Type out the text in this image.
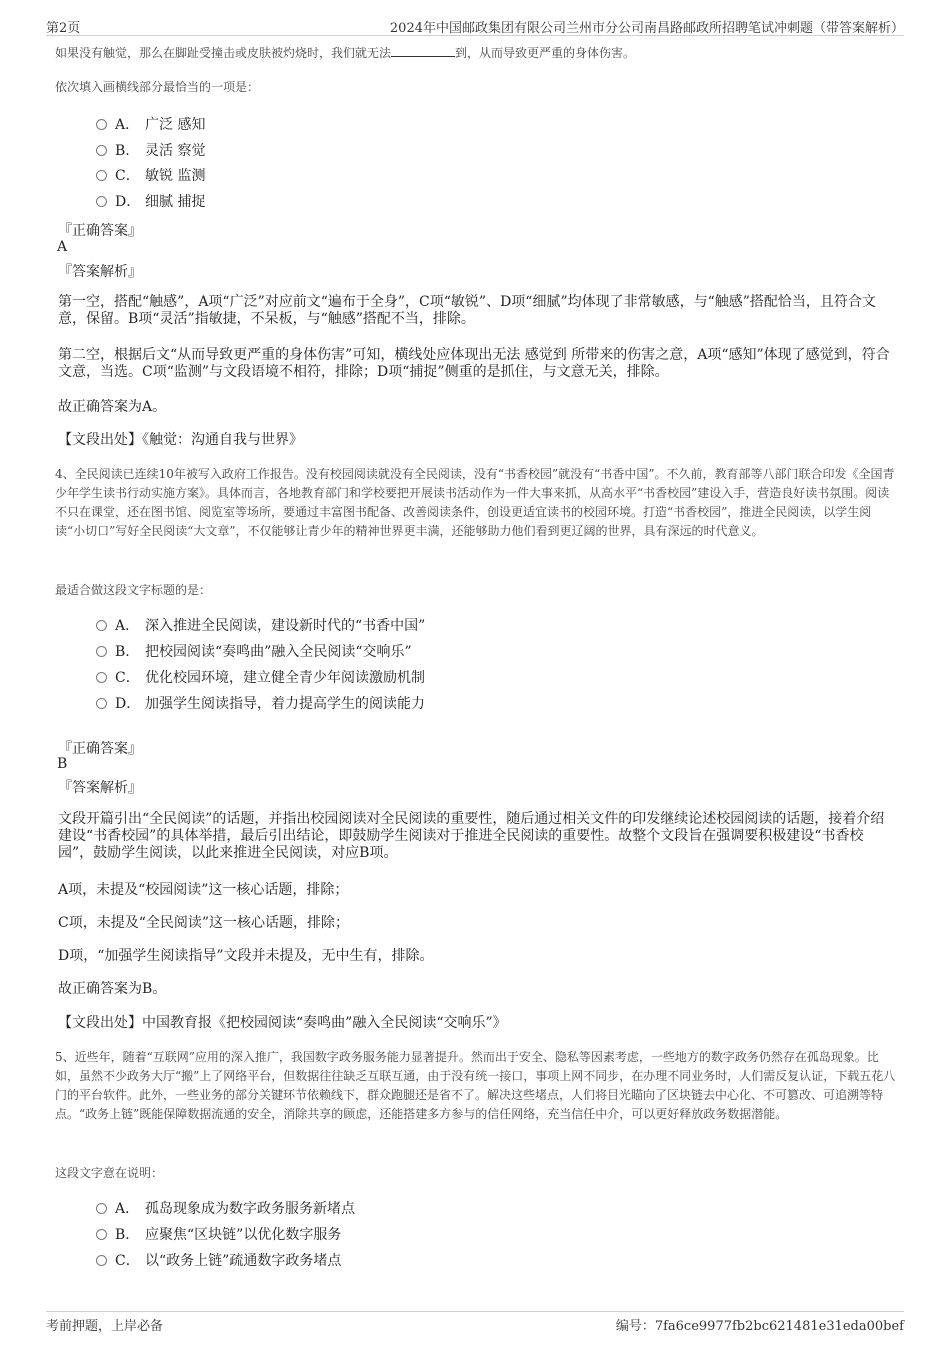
第2页	2024年中国邮政集团有限公司兰州市分公司南昌路邮政所招聘笔试冲刺题（带答案解析）
如果没有触觉，那么在脚趾受撞击或皮肤被灼烧时，我们就无法	到，从而导致更严重的身体伤害。
依次填入画横线部分最恰当的一项是：
A． 广泛 感知
B. 灵活 察觉
C． 敏锐 监测
D． 细腻 捕捉
『正确答案』
A
『答案解析』
第一空，搭配“触感”，A项“广泛”对应前文“遍布于全身”，C项“敏锐”、D项“细腻”均体现了非常敏感，与“触感”搭配恰当，且符合文意，保留。B项“灵活”指敏捷，不呆板，与“触感”搭配不当，排除。
第二空，根据后文“从而导致更严重的身体伤害”可知，横线处应体现出无法 感觉到 所带来的伤害之意，A项“感知”体现了感觉到，符合文意，当选。C项“监测”与文段语境不相符，排除；D项“捕捉”侧重的是抓住，与文意无关，排除。
故正确答案为A。
【文段出处】《触觉：沟通自我与世界》
4、全民阅读已连续10年被写入政府工作报告。没有校园阅读就没有全民阅读，没有“书香校园”就没有“书香中国”。不久前，教育部等八部门联合印发《全国青少年学生读书行动实施方案》。具体而言，各地教育部门和学校要把开展读书活动作为一件大事来抓，从高水平“书香校园”建设入手，营造良好读书氛围。阅读不只在课堂，还在图书馆、阅览室等场所，要通过丰富图书配备、改善阅读条件，创设更适宜读书的校园环境。打造“书香校园”，推进全民阅读，以学生阅读“小切口”写好全民阅读“大文章”，不仅能够让青少年的精神世界更丰满，还能够助力他们看到更辽阔的世界，具有深远的时代意义。
最适合做这段文字标题的是：
A． 深入推进全民阅读，建设新时代的“书香中国”
B. 把校园阅读“奏鸣曲”融入全民阅读“交响乐”
C． 优化校园环境，建立健全青少年阅读激励机制
D． 加强学生阅读指导，着力提高学生的阅读能力
『正确答案』
B
『答案解析』
文段开篇引出“全民阅读”的话题，并指出校园阅读对全民阅读的重要性，随后通过相关文件的印发继续论述校园阅读的话题，接着介绍建设“书香校园”的具体举措，最后引出结论，即鼓励学生阅读对于推进全民阅读的重要性。故整个文段旨在强调要积极建设“书香校园”，鼓励学生阅读，以此来推进全民阅读，对应B项。
A项，未提及“校园阅读”这一核心话题，排除；
C项，未提及“全民阅读”这一核心话题，排除；
D项，“加强学生阅读指导”文段并未提及，无中生有，排除。
故正确答案为B。
【文段出处】中国教育报《把校园阅读“奏鸣曲”融入全民阅读“交响乐”》
5、近些年，随着“互联网”应用的深入推广，我国数字政务服务能力显著提升。然而出于安全、隐私等因素考虑，一些地方的数字政务仍然存在孤岛现象。比如，虽然不少政务大厅“搬”上了网络平台，但数据往往缺乏互联互通，由于没有统一接口，事项上网不同步，在办理不同业务时，人们需反复认证，下载五花八门的平台软件。此外，一些业务的部分关键环节依赖线下，群众跑腿还是省不了。解决这些堵点，人们将目光瞄向了区块链去中心化、不可篡改、可追溯等特点。“政务上链”既能保障数据流通的安全，消除共享的顾虑，还能搭建多方参与的信任网络，充当信任中介，可以更好释放政务数据潜能。
这段文字意在说明：
A． 孤岛现象成为数字政务服务新堵点
B． 应聚焦“区块链”以优化数字服务
C． 以“政务上链”疏通数字政务堵点
考前押题，上岸必备	编号：7fa6ce9977fb2bc621481e31eda00bef
